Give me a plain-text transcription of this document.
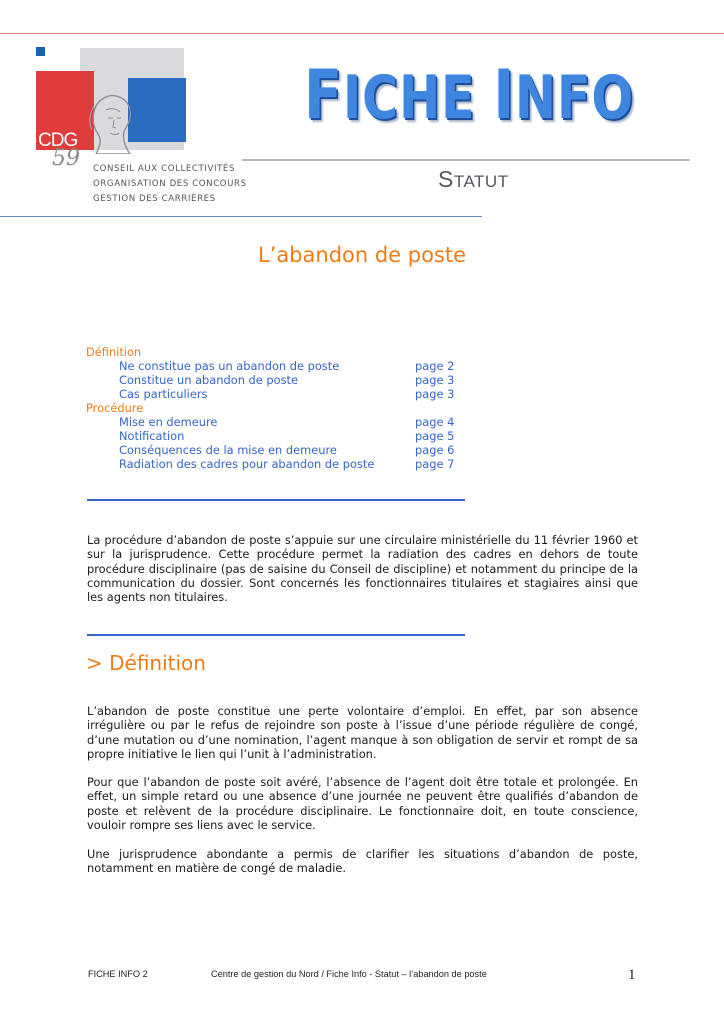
CDG
59 CONSEIL AUX COLLECTIVITÉS
ORGANISATION DES CONCOURS
GESTION DES CARRIÈRES
FICHE INFO
STATUT
L’abandon de poste
Définition
Ne constitue pas un abandon de poste	page 2
Constitue un abandon de poste	page 3
Cas particuliers	page 3
Procédure
Mise en demeure	page 4
Notification	page 5
Conséquences de la mise en demeure	page 6
Radiation des cadres pour abandon de poste	page 7
La procédure d’abandon de poste s’appuie sur une circulaire ministérielle du 11 février 1960 et sur la jurisprudence. Cette procédure permet la radiation des cadres en dehors de toute procédure disciplinaire (pas de saisine du Conseil de discipline) et notamment du principe de la communication du dossier. Sont concernés les fonctionnaires titulaires et stagiaires ainsi que les agents non titulaires.
> Définition
L’abandon de poste constitue une perte volontaire d’emploi. En effet, par son absence irrégulière ou par le refus de rejoindre son poste à l’issue d’une période régulière de congé, d’une mutation ou d’une nomination, l’agent manque à son obligation de servir et rompt de sa propre initiative le lien qui l’unit à l’administration.
Pour que l’abandon de poste soit avéré, l’absence de l’agent doit être totale et prolongée. En effet, un simple retard ou une absence d’une journée ne peuvent être qualifiés d’abandon de poste et relèvent de la procédure disciplinaire. Le fonctionnaire doit, en toute conscience, vouloir rompre ses liens avec le service.
Une jurisprudence abondante a permis de clarifier les situations d’abandon de poste, notamment en matière de congé de maladie.
FICHE INFO 2	Centre de gestion du Nord / Fiche Info - Statut – l’abandon de poste	1
